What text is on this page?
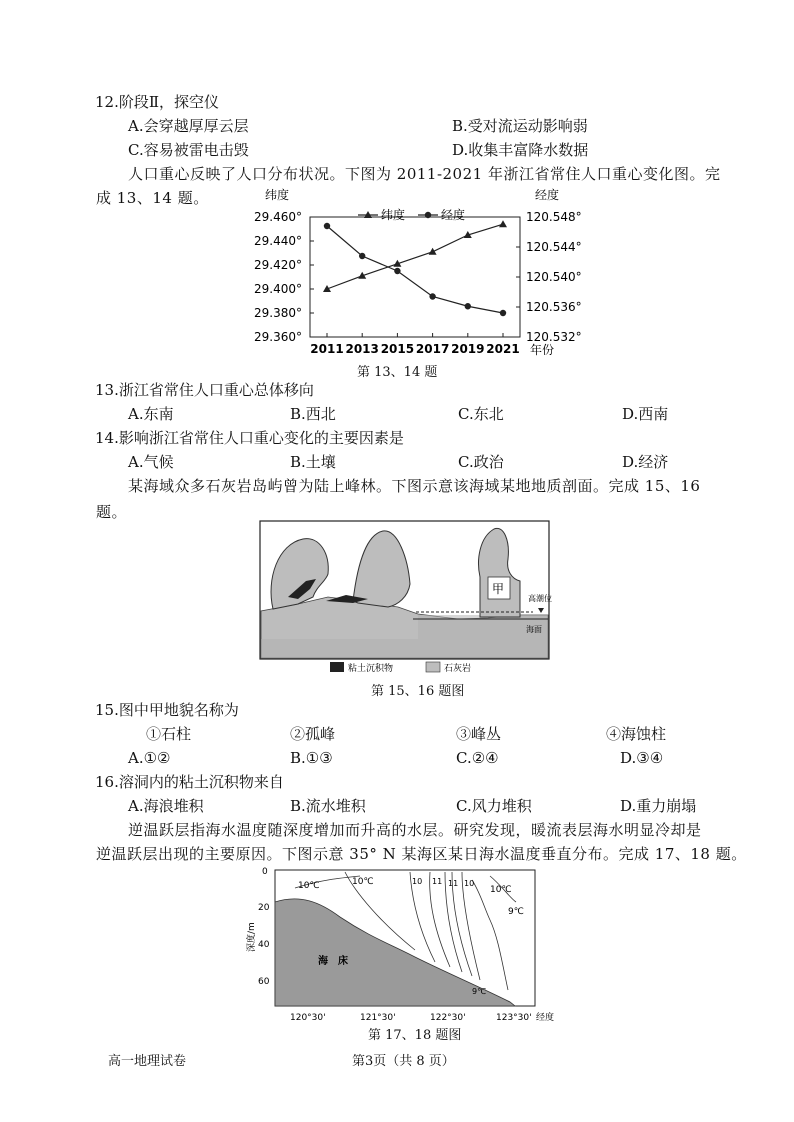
12.阶段Ⅱ，探空仪
A.会穿越厚厚云层	B.受对流运动影响弱
C.容易被雷电击毁	D.收集丰富降水数据
人口重心反映了人口分布状况。下图为 2011-2021 年浙江省常住人口重心变化图。完
成 13、14 题。	纬度	经度
29.460°
29.440°
29.420°
29.400°
29.380°
29.360°
120.548°
120.544°
120.540°
120.536°
120.532°
2011 2013 2015 2017 2019 2021
纬度	经度
年份
第 13、14 题
13.浙江省常住人口重心总体移向
A.东南	B.西北	C.东北	D.西南
14.影响浙江省常住人口重心变化的主要因素是
A.气候	B.土壤	C.政治	D.经济
某海域众多石灰岩岛屿曾为陆上峰林。下图示意该海域某地地质剖面。完成 15、16
题。
甲
高潮位
海面
粘土沉积物	石灰岩
第 15、16 题图
15.图中甲地貌名称为
①石柱	②孤峰	③峰丛	④海蚀柱
A.①②	B.①③	C.②④	D.③④
16.溶洞内的粘土沉积物来自
A.海浪堆积	B.流水堆积	C.风力堆积	D.重力崩塌
逆温跃层指海水温度随深度增加而升高的水层。研究发现，暖流表层海水明显冷却是
逆温跃层出现的主要原因。下图示意 35° N 某海区某日海水温度垂直分布。完成 17、18 题。
深度/m
0
20
40
60
海　床
10℃	10℃
9℃
10 11 11 10
10℃
9℃
120°30'	121°30'	122°30'	123°30' 经度
第 17、18 题图
高一地理试卷	第3页（共 8 页）
